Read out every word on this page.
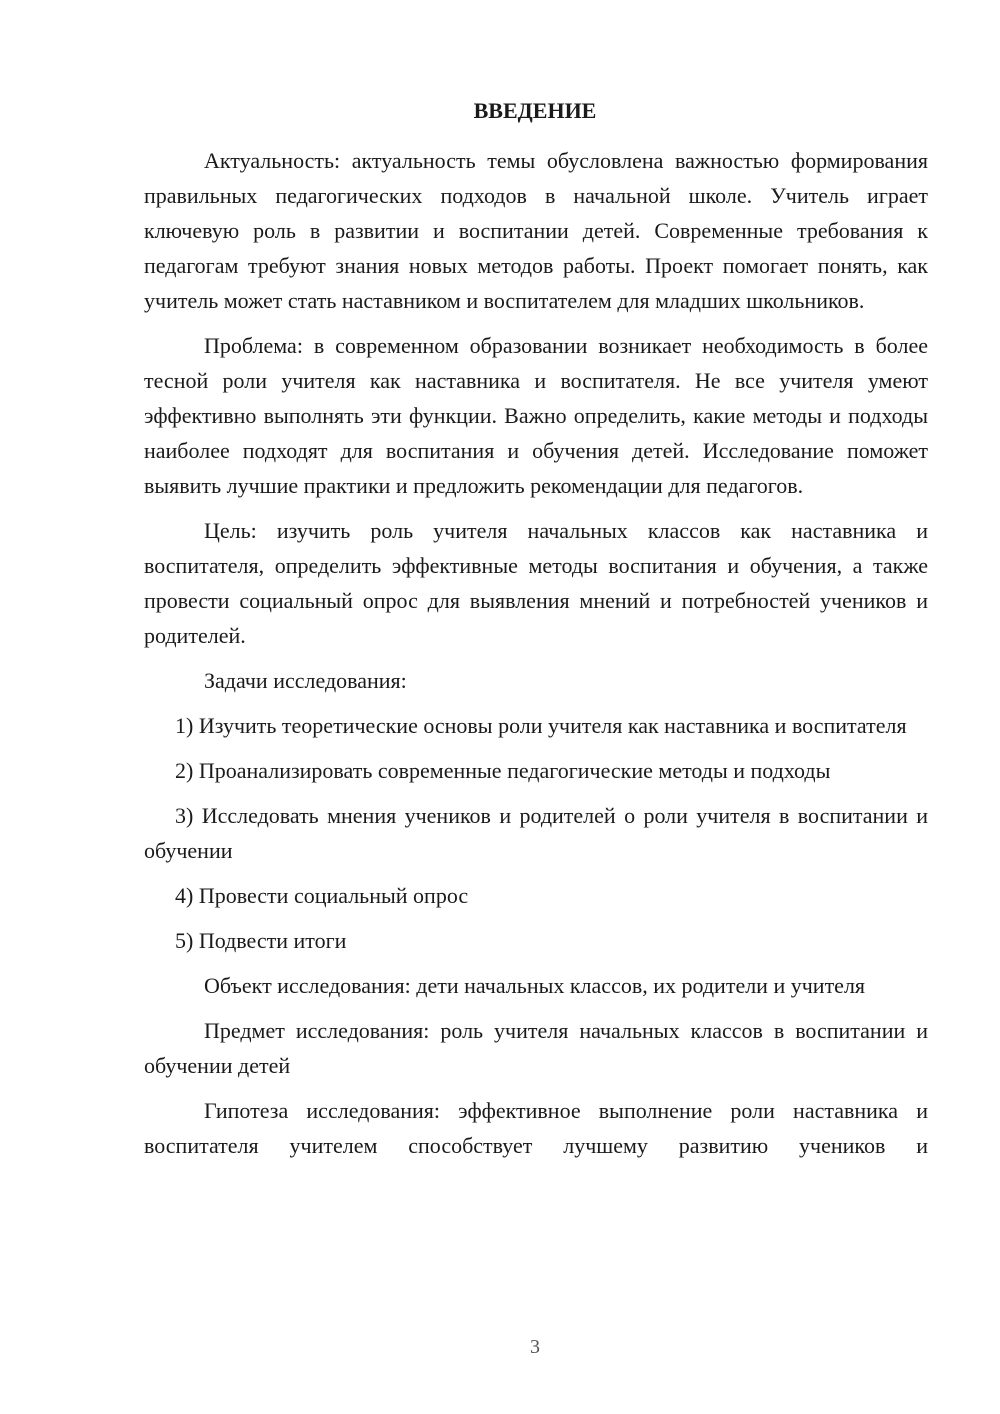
ВВЕДЕНИЕ

Актуальность: актуальность темы обусловлена важностью формирования правильных педагогических подходов в начальной школе. Учитель играет ключевую роль в развитии и воспитании детей. Современные требования к педагогам требуют знания новых методов работы. Проект помогает понять, как учитель может стать наставником и воспитателем для младших школьников.

Проблема: в современном образовании возникает необходимость в более тесной роли учителя как наставника и воспитателя. Не все учителя умеют эффективно выполнять эти функции. Важно определить, какие методы и подходы наиболее подходят для воспитания и обучения детей. Исследование поможет выявить лучшие практики и предложить рекомендации для педагогов.

Цель: изучить роль учителя начальных классов как наставника и воспитателя, определить эффективные методы воспитания и обучения, а также провести социальный опрос для выявления мнений и потребностей учеников и родителей.

Задачи исследования:

1) Изучить теоретические основы роли учителя как наставника и воспитателя

2) Проанализировать современные педагогические методы и подходы

3) Исследовать мнения учеников и родителей о роли учителя в воспитании и обучении

4) Провести социальный опрос

5) Подвести итоги

Объект исследования: дети начальных классов, их родители и учителя

Предмет исследования: роль учителя начальных классов в воспитании и обучении детей

Гипотеза исследования: эффективное выполнение роли наставника и воспитателя учителем способствует лучшему развитию учеников и

3
